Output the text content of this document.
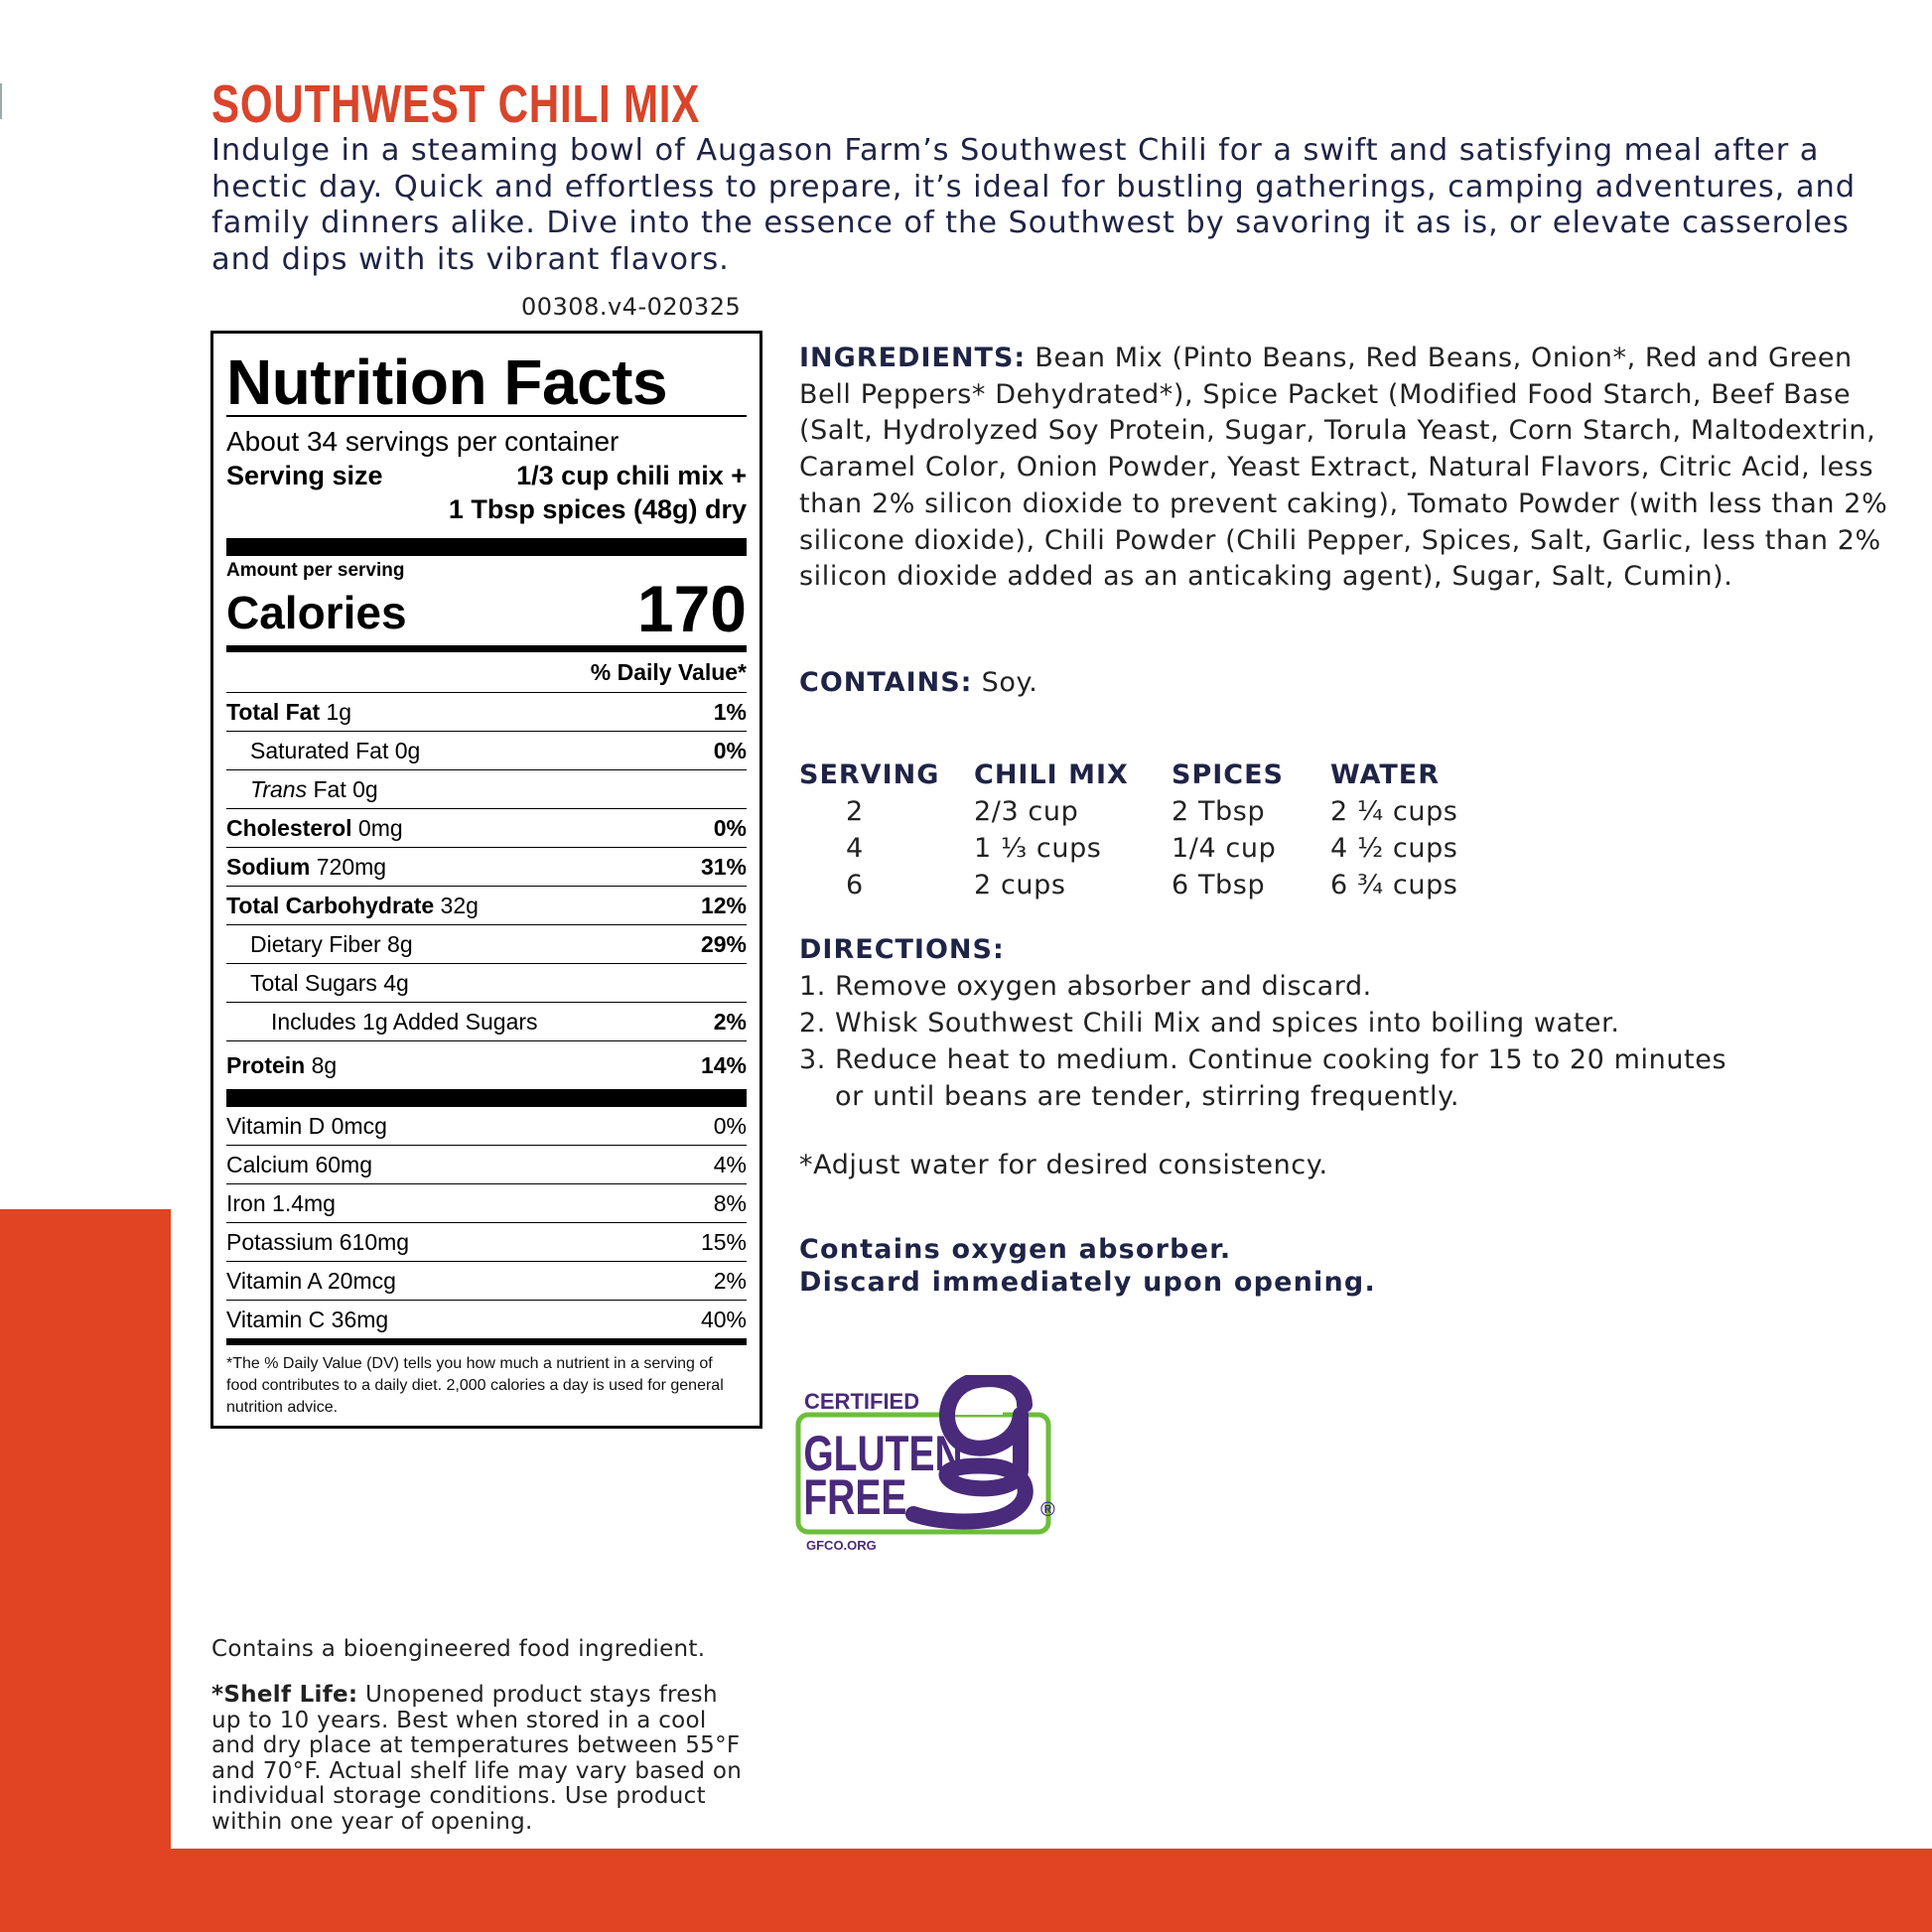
SOUTHWEST CHILI MIX

Indulge in a steaming bowl of Augason Farm’s Southwest Chili for a swift and satisfying meal after a hectic day. Quick and effortless to prepare, it’s ideal for bustling gatherings, camping adventures, and family dinners alike. Dive into the essence of the Southwest by savoring it as is, or elevate casseroles and dips with its vibrant flavors.

00308.v4-020325
Nutrition Facts
About 34 servings per container
Serving size	1/3 cup chili mix +
1 Tbsp spices (48g) dry
Amount per serving
Calories	170
% Daily Value*
Total Fat 1g	1%
Saturated Fat 0g	0%
Trans Fat 0g
Cholesterol 0mg	0%
Sodium 720mg	31%
Total Carbohydrate 32g	12%
Dietary Fiber 8g	29%
Total Sugars 4g
Includes 1g Added Sugars	2%
Protein 8g	14%
Vitamin D 0mcg	0%
Calcium 60mg	4%
Iron 1.4mg	8%
Potassium 610mg	15%
Vitamin A 20mcg	2%
Vitamin C 36mg	40%

*The % Daily Value (DV) tells you how much a nutrient in a serving of food contributes to a daily diet. 2,000 calories a day is used for general nutrition advice.

INGREDIENTS: Bean Mix (Pinto Beans, Red Beans, Onion*, Red and Green Bell Peppers* Dehydrated*), Spice Packet (Modified Food Starch, Beef Base (Salt, Hydrolyzed Soy Protein, Sugar, Torula Yeast, Corn Starch, Maltodextrin, Caramel Color, Onion Powder, Yeast Extract, Natural Flavors, Citric Acid, less than 2% silicon dioxide to prevent caking), Tomato Powder (with less than 2% silicone dioxide), Chili Powder (Chili Pepper, Spices, Salt, Garlic, less than 2% silicon dioxide added as an anticaking agent), Sugar, Salt, Cumin).

CONTAINS: Soy.

SERVING	CHILI MIX	SPICES	WATER
2	2/3 cup	2 Tbsp	2 ¼ cups
4	1 ⅓ cups	1/4 cup	4 ½ cups
6	2 cups	6 Tbsp	6 ¾ cups
DIRECTIONS:
1. Remove oxygen absorber and discard.
2. Whisk Southwest Chili Mix and spices into boiling water.
3. Reduce heat to medium. Continue cooking for 15 to 20 minutes or until beans are tender, stirring frequently.

*Adjust water for desired consistency.

Contains oxygen absorber.
Discard immediately upon opening.
CERTIFIED
GLUTEN
FREE
GFCO.ORG
®

Contains a bioengineered food ingredient.

*Shelf Life: Unopened product stays fresh up to 10 years. Best when stored in a cool and dry place at temperatures between 55°F and 70°F. Actual shelf life may vary based on individual storage conditions. Use product within one year of opening.
